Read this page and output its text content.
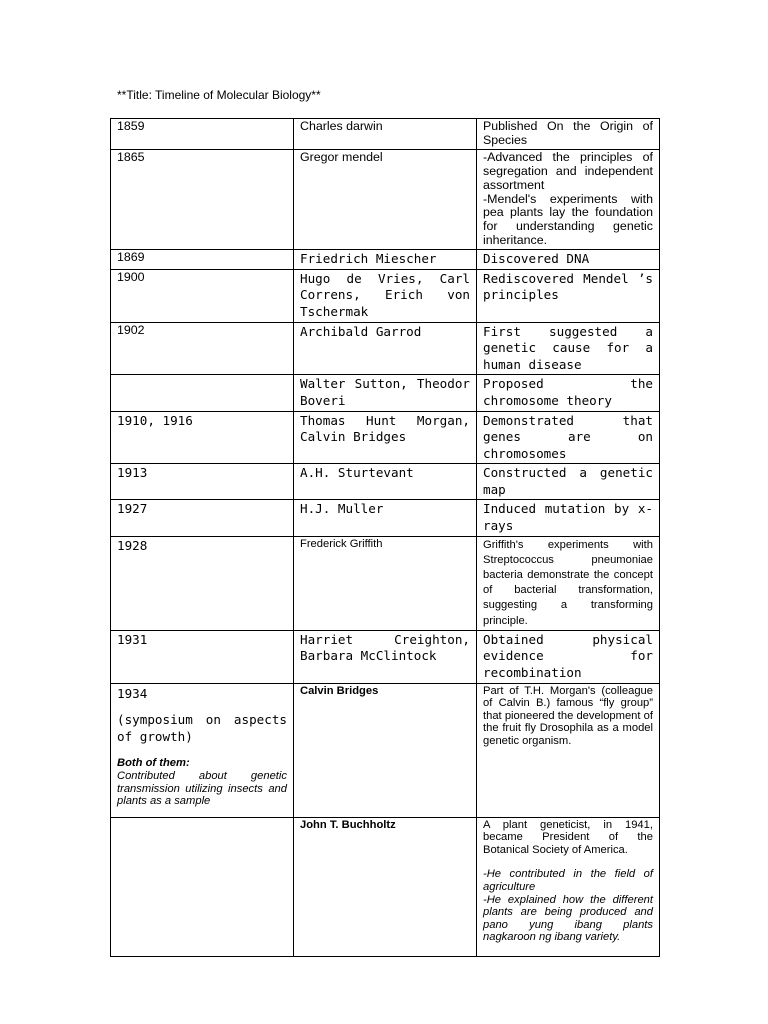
**Title: Timeline of Molecular Biology**
1859	Charles darwin	Published On the Origin of Species
1865	Gregor mendel	-Advanced the principles of segregation and independent assortment
-Mendel's experiments with pea plants lay the foundation for understanding genetic inheritance.

1869	Friedrich Miescher	Discovered DNA
1900	Hugo de Vries, Carl Correns, Erich von Tschermak	Rediscovered Mendel ’s principles
1902	Archibald Garrod	First suggested a genetic cause for a human disease
	Walter Sutton, Theodor Boveri	Proposed the chromosome theory
1910, 1916	Thomas Hunt Morgan, Calvin Bridges	Demonstrated that genes are on chromosomes
1913	A.H. Sturtevant	Constructed a genetic map
1927	H.J. Muller	Induced mutation by x-rays
1928	Frederick Griffith	Griffith's experiments with Streptococcus pneumoniae bacteria demonstrate the concept of bacterial transformation, suggesting a transforming principle.
1931	Harriet Creighton, Barbara McClintock	Obtained physical evidence for recombination

1934
(symposium on aspects of growth)
Both of them:
Contributed about genetic transmission utilizing insects and plants as a sample	Calvin Bridges	Part of T.H. Morgan's (colleague of Calvin B.) famous “fly group” that pioneered the development of the fruit fly Drosophila as a model genetic organism.
	John T. Buchholtz	A plant geneticist, in 1941, became President of the Botanical Society of America.
-He contributed in the field of agriculture
-He explained how the different plants are being produced and pano yung ibang plants nagkaroon ng ibang variety.
